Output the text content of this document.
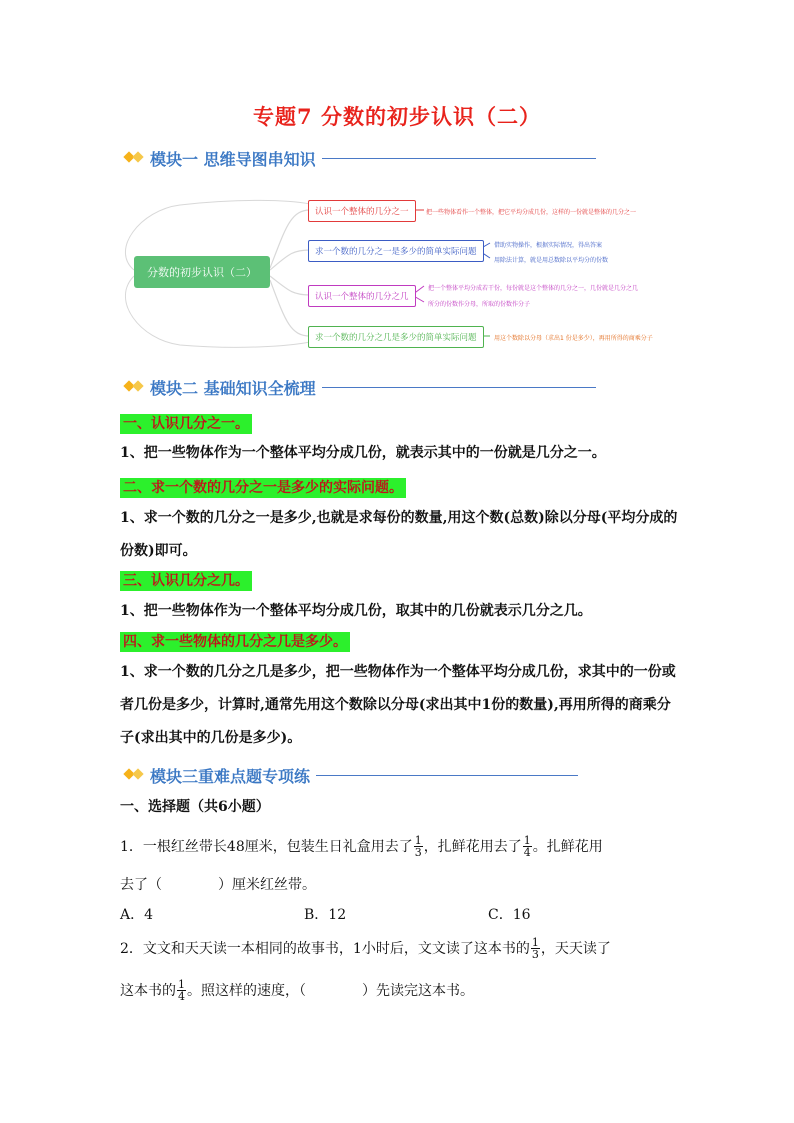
专题7 分数的初步认识（二）
模块一 思维导图串知识
分数的初步认识（二）
认识一个整体的几分之一	把一些物体看作一个整体，把它平均分成几份，这样的一份就是整体的几分之一
求一个数的几分之一是多少的简单实际问题
借助实物操作，根据实际情况，得出答案
用除法计算，就是用总数除以平均分的份数
认识一个整体的几分之几
把一个整体平均分成若干份，每份就是这个整体的几分之一，几份就是几分之几
所分的份数作分母，所取的份数作分子
求一个数的几分之几是多少的简单实际问题	用这个数除以分母（求出1 份是多少），再用所得的商乘分子
模块二 基础知识全梳理
一、认识几分之一。
1、把一些物体作为一个整体平均分成几份，就表示其中的一份就是几分之一。
二、求一个数的几分之一是多少的实际问题。
1、求一个数的几分之一是多少,也就是求每份的数量,用这个数(总数)除以分母(平均分成的份数)即可。
三、认识几分之几。
1、把一些物体作为一个整体平均分成几份，取其中的几份就表示几分之几。
四、求一些物体的几分之几是多少。
1、求一个数的几分之几是多少，把一些物体作为一个整体平均分成几份，求其中的一份或者几份是多少，计算时,通常先用这个数除以分母(求出其中1份的数量),再用所得的商乘分子(求出其中的几份是多少)。
模块三重难点题专项练
一、选择题（共6小题）
1．一根红丝带长48厘米，包装生日礼盒用去了 $\frac{1}{3}$ ，扎鲜花用去了 $\frac{1}{4}$ 。扎鲜花用
去了（　　　　）厘米红丝带。
A．4	B．12	C．16
2．文文和天天读一本相同的故事书，1小时后，文文读了这本书的 $\frac{1}{3}$ ，天天读了
这本书的 $\frac{1}{4}$ 。照这样的速度，（　　　　）先读完这本书。
